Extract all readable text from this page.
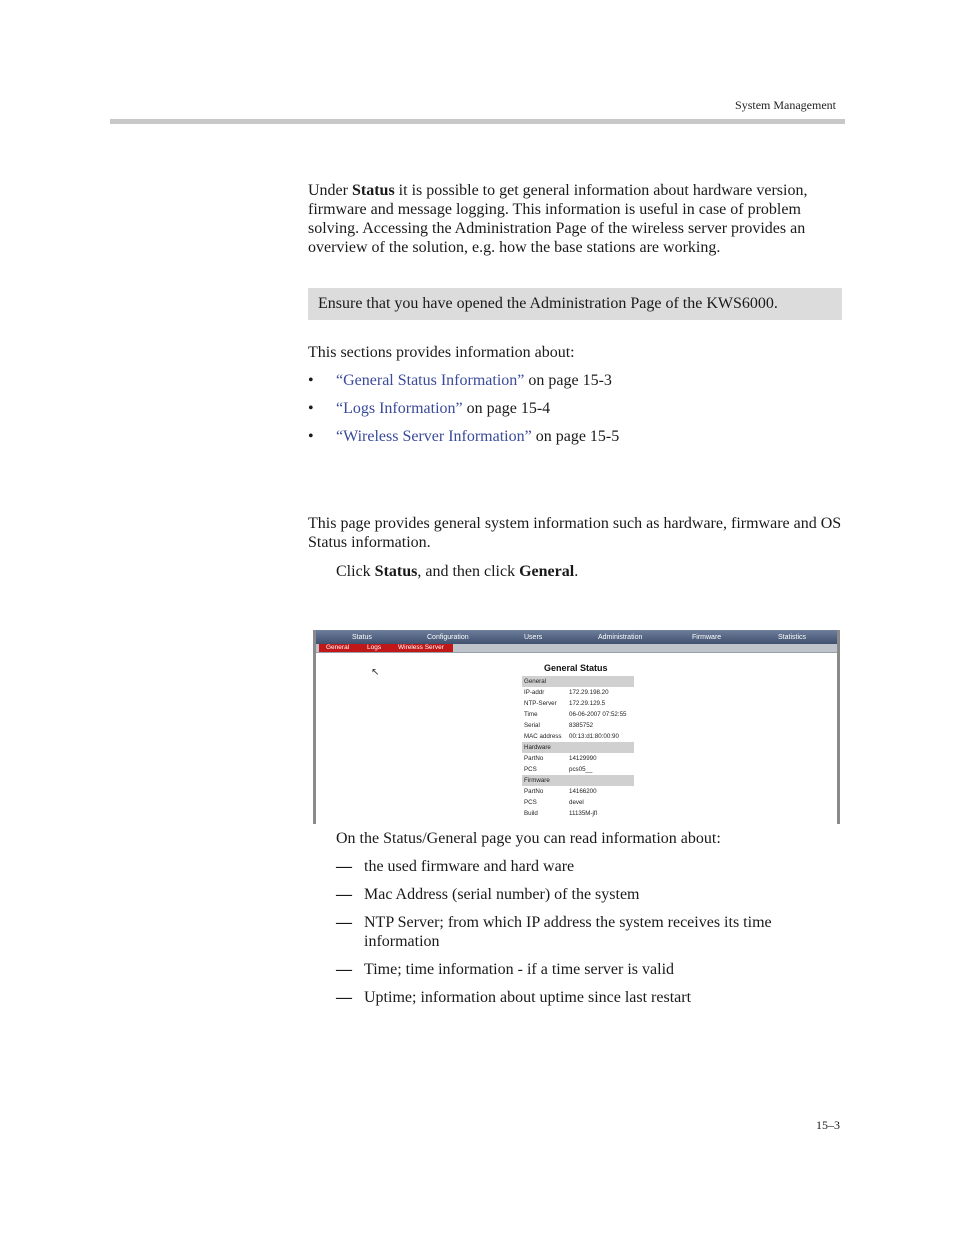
System Management

Under Status it is possible to get general information about hardware version, firmware and message logging. This information is useful in case of problem solving. Accessing the Administration Page of the wireless server provides an overview of the solution, e.g. how the base stations are working.

Ensure that you have opened the Administration Page of the KWS6000.

This sections provides information about:

•	“General Status Information” on page 15-3
•	“Logs Information” on page 15-4
•	“Wireless Server Information” on page 15-5

This page provides general system information such as hardware, firmware and OS Status information.

Click Status, and then click General.

Status	Configuration	Users	Administration	Firmware	Statistics
General	Logs	Wireless Server
↖	General Status
General
IP-addr	172.29.198.20
NTP-Server 172.29.129.5
Time	06-06-2007 07:52:55
Serial	8385752
MAC address 00:13:d1:80:00:90
Hardware
PartNo	14129990
PCS	pcs05__
Firmware
PartNo	14166200
PCS	devel
Build	11135M-jfl

On the Status/General page you can read information about:

— the used firmware and hard ware
— Mac Address (serial number) of the system
— NTP Server; from which IP address the system receives its time information
— Time; time information - if a time server is valid
— Uptime; information about uptime since last restart
15–3
